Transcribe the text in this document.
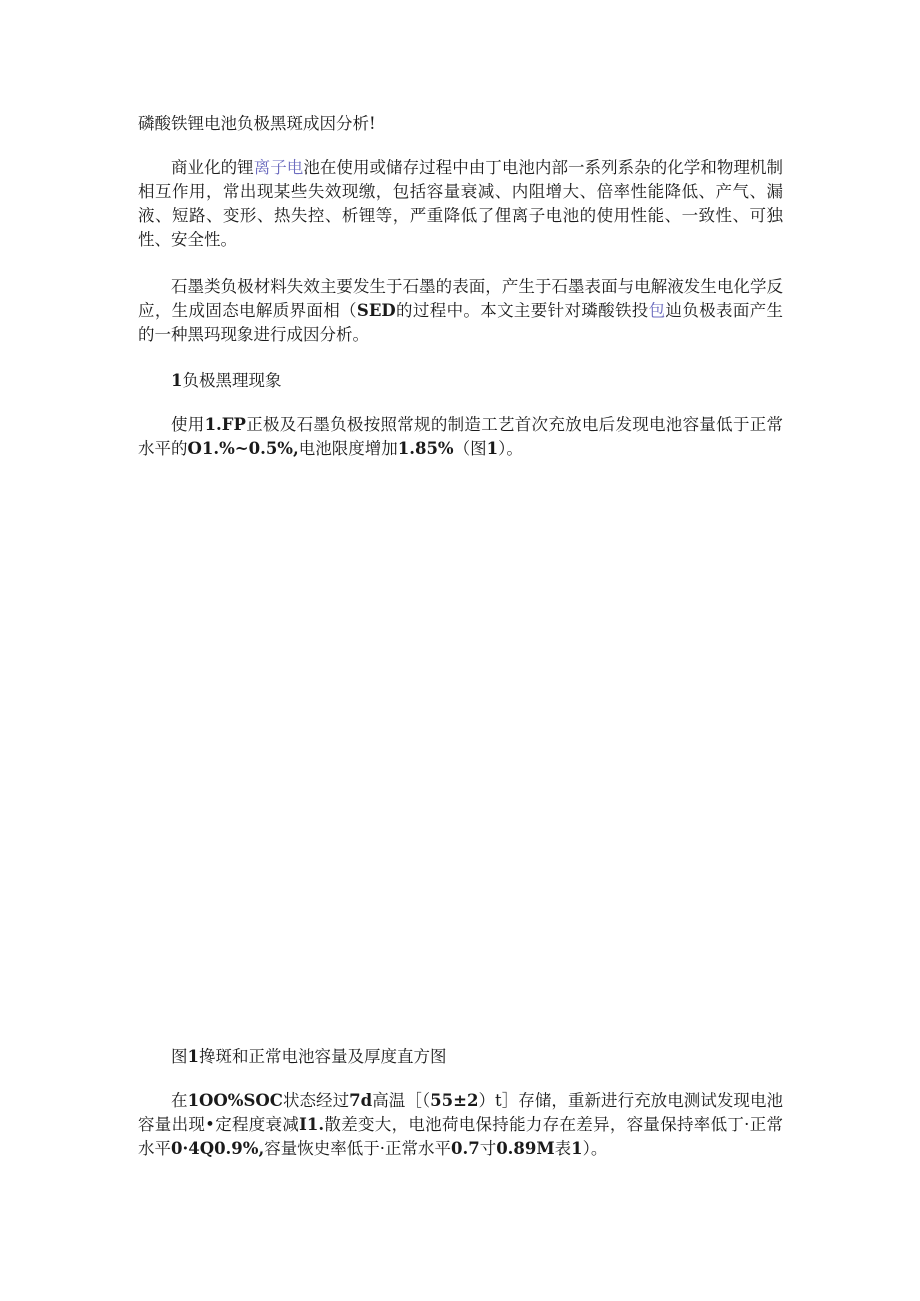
磷酸铁锂电池负极黑斑成因分析!

商业化的锂离子电池在使用或储存过程中由丁电池内部一系列系杂的化学和物理机制相互作用，常出现某些失效现缴，包括容量衰减、内阻增大、倍率性能降低、产气、漏液、短路、变形、热失控、析锂等，严重降低了俚离子电池的使用性能、一致性、可独性、安全性。

石墨类负极材料失效主要发生于石墨的表面，产生于石墨表面与电解液发生电化学反应，生成固态电解质界面相（SED的过程中。本文主要针对璘酸铁投包辿负极表面产生的一种黑玛现象进行成因分析。

1负极黑理现象

使用1.FP正极及石墨负极按照常规的制造工艺首次充放电后发现电池容量低于正常水平的O1.%~0.5%,电池限度增加1.85%（图1）。

图1搀斑和正常电池容量及厚度直方图

在1OO%SOC状态经过7d高温［（55±2）t］存储，重新进行充放电测试发现电池容量出现•定程度衰减I1.散差变大，电池荷电保持能力存在差异，容量保持率低丁·正常水平0·4Q0.9%,容量恢史率低于·正常水平0.7寸0.89M表1）。
